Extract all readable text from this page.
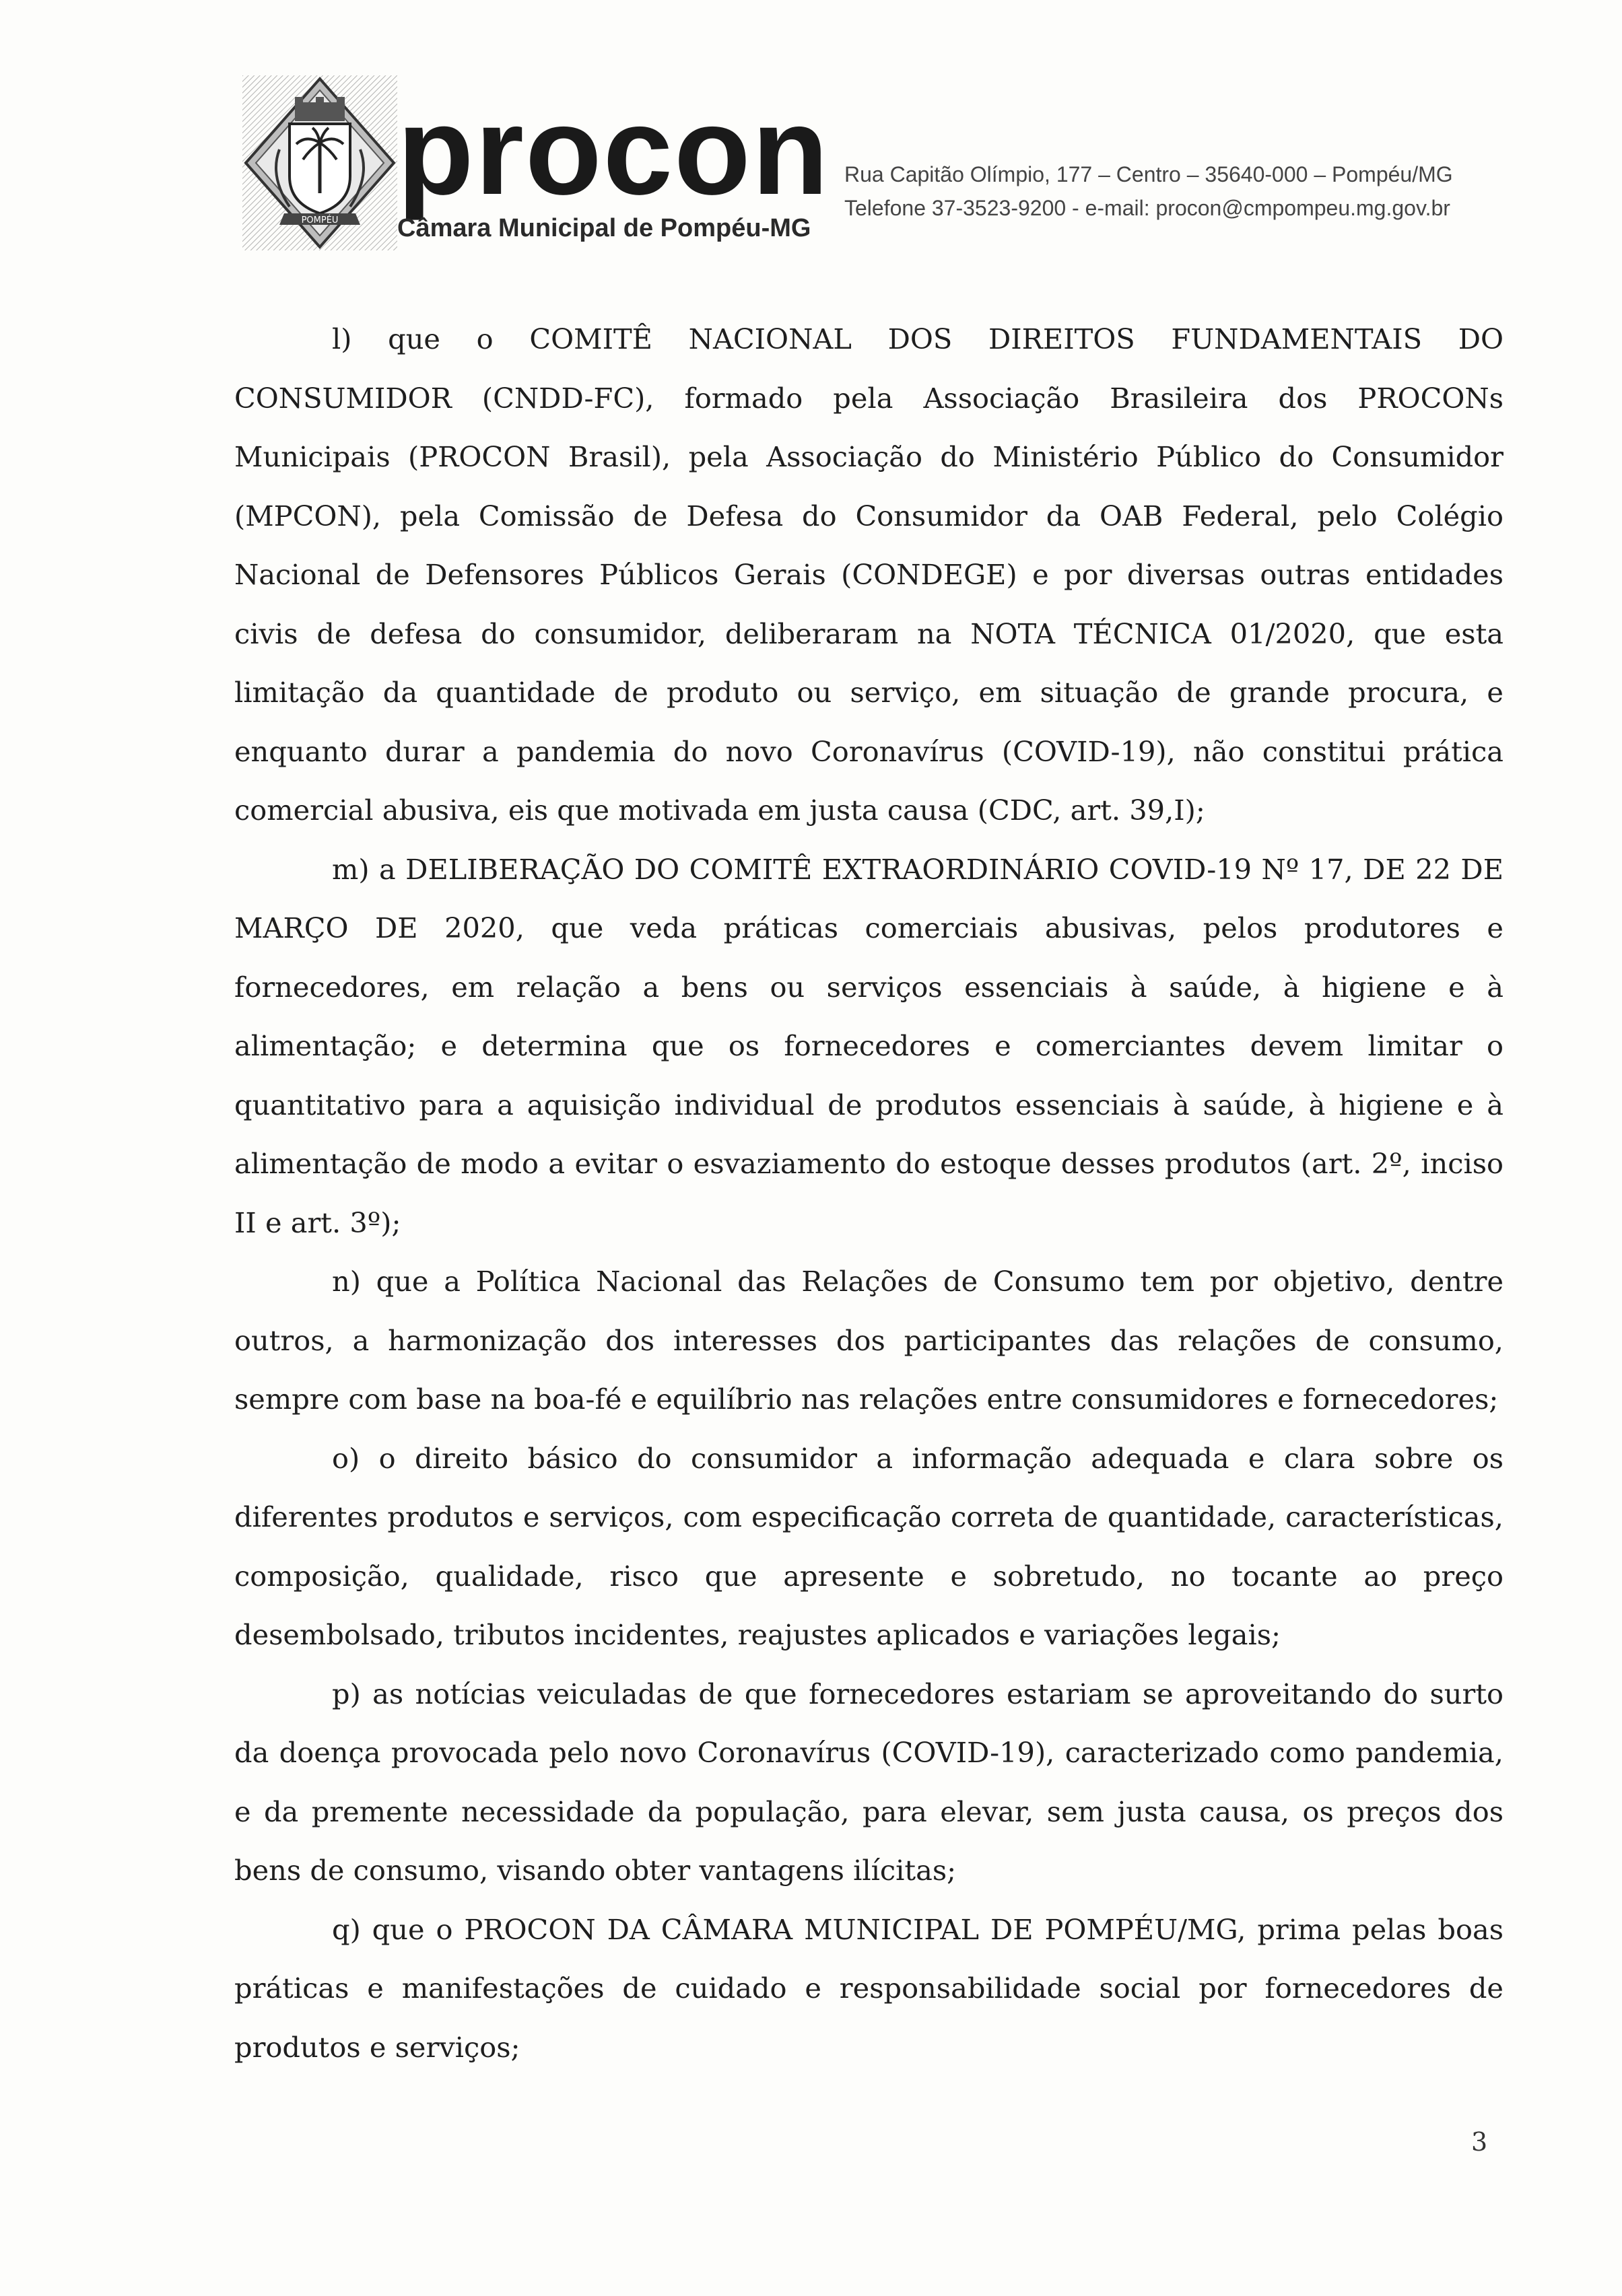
POMPÉU procon
Câmara Municipal de Pompéu-MG
Rua Capitão Olímpio, 177 – Centro – 35640-000 – Pompéu/MG
Telefone 37-3523-9200 - e-mail: procon@cmpompeu.mg.gov.br

l) que o COMITÊ NACIONAL DOS DIREITOS FUNDAMENTAIS DO CONSUMIDOR (CNDD-FC), formado pela Associação Brasileira dos PROCONs Municipais (PROCON Brasil), pela Associação do Ministério Público do Consumidor (MPCON), pela Comissão de Defesa do Consumidor da OAB Federal, pelo Colégio Nacional de Defensores Públicos Gerais (CONDEGE) e por diversas outras entidades civis de defesa do consumidor, deliberaram na NOTA TÉCNICA 01/2020, que esta limitação da quantidade de produto ou serviço, em situação de grande procura, e enquanto durar a pandemia do novo Coronavírus (COVID-19), não constitui prática comercial abusiva, eis que motivada em justa causa (CDC, art. 39,I);

m) a DELIBERAÇÃO DO COMITÊ EXTRAORDINÁRIO COVID-19 Nº 17, DE 22 DE MARÇO DE 2020, que veda práticas comerciais abusivas, pelos produtores e fornecedores, em relação a bens ou serviços essenciais à saúde, à higiene e à alimentação; e determina que os fornecedores e comerciantes devem limitar o quantitativo para a aquisição individual de produtos essenciais à saúde, à higiene e à alimentação de modo a evitar o esvaziamento do estoque desses produtos (art. 2º, inciso II e art. 3º);

n) que a Política Nacional das Relações de Consumo tem por objetivo, dentre outros, a harmonização dos interesses dos participantes das relações de consumo, sempre com base na boa-fé e equilíbrio nas relações entre consumidores e fornecedores;

o) o direito básico do consumidor a informação adequada e clara sobre os diferentes produtos e serviços, com especificação correta de quantidade, características, composição, qualidade, risco que apresente e sobretudo, no tocante ao preço desembolsado, tributos incidentes, reajustes aplicados e variações legais;

p) as notícias veiculadas de que fornecedores estariam se aproveitando do surto da doença provocada pelo novo Coronavírus (COVID-19), caracterizado como pandemia, e da premente necessidade da população, para elevar, sem justa causa, os preços dos bens de consumo, visando obter vantagens ilícitas;

q) que o PROCON DA CÂMARA MUNICIPAL DE POMPÉU/MG, prima pelas boas práticas e manifestações de cuidado e responsabilidade social por fornecedores de produtos e serviços;

3
